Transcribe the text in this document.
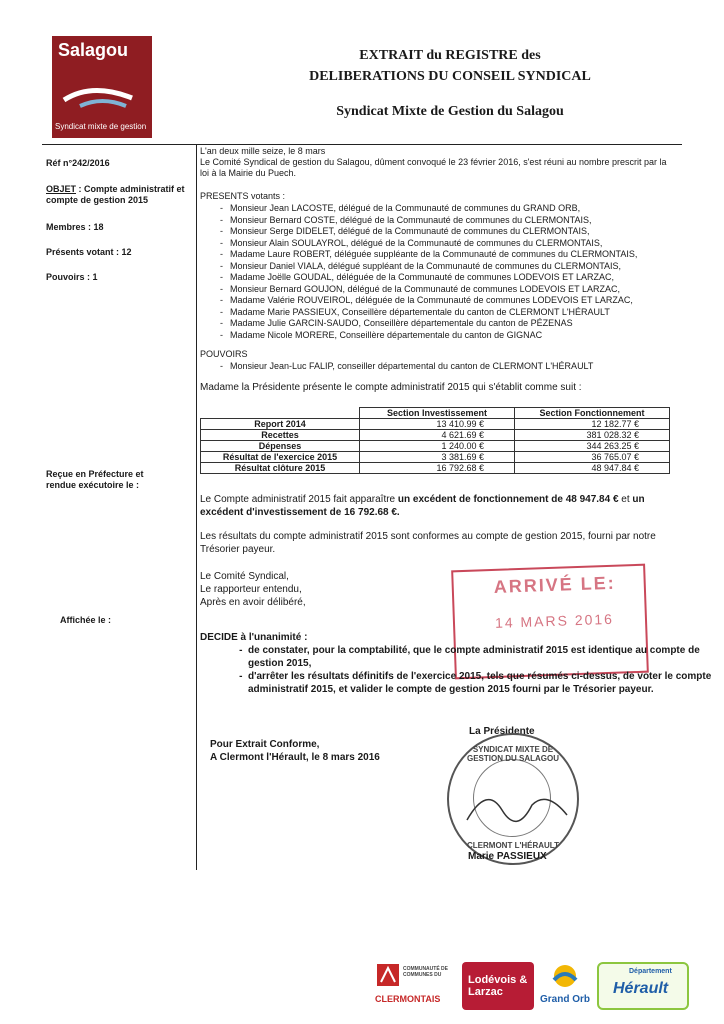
Salagou
Syndicat mixte de gestion
EXTRAIT du REGISTRE des
DELIBERATIONS DU CONSEIL SYNDICAL
Syndicat Mixte de Gestion du Salagou
Réf n°242/2016
OBJET : Compte administratif et compte de gestion 2015
Membres : 18
Présents votant : 12
Pouvoirs : 1
Reçue en Préfecture et rendue exécutoire le :
Affichée le :
L'an deux mille seize, le 8 mars
Le Comité Syndical de gestion du Salagou, dûment convoqué le 23 février 2016, s'est réuni au nombre prescrit par la loi à la Mairie du Puech.
PRESENTS votants :
- Monsieur Jean LACOSTE, délégué de la Communauté de communes du GRAND ORB,
- Monsieur Bernard COSTE, délégué de la Communauté de communes du CLERMONTAIS,
- Monsieur Serge DIDELET, délégué de la Communauté de communes du CLERMONTAIS,
- Monsieur Alain SOULAYROL, délégué de la Communauté de communes du CLERMONTAIS,
- Madame Laure ROBERT, déléguée suppléante de la Communauté de communes du CLERMONTAIS,
- Monsieur Daniel VIALA, délégué suppléant de la Communauté de communes du CLERMONTAIS,
- Madame Joëlle GOUDAL, déléguée de la Communauté de communes LODEVOIS ET LARZAC,
- Monsieur Bernard GOUJON, délégué de la Communauté de communes LODEVOIS ET LARZAC,
- Madame Valérie ROUVEIROL, déléguée de la Communauté de communes LODEVOIS ET LARZAC,
- Madame Marie PASSIEUX, Conseillère départementale du canton de CLERMONT L'HÉRAULT
- Madame Julie GARCIN-SAUDO, Conseillère départementale du canton de PÉZENAS
- Madame Nicole MORERE, Conseillère départementale du canton de GIGNAC
POUVOIRS
- Monsieur Jean-Luc FALIP, conseiller départemental du canton de CLERMONT L'HÉRAULT
Madame la Présidente présente le compte administratif 2015 qui s'établit comme suit :
	Section Investissement	Section Fonctionnement
Report 2014	13 410.99 €	12 182.77 €
Recettes	4 621.69 €	381 028.32 €
Dépenses	1 240.00 €	344 263.25 €
Résultat de l'exercice 2015	3 381.69 €	36 765.07 €
Résultat clôture 2015	16 792.68 €	48 947.84 €
Le Compte administratif 2015 fait apparaître un excédent de fonctionnement de 48 947.84 € et un excédent d'investissement de 16 792.68 €.
Les résultats du compte administratif 2015 sont conformes au compte de gestion 2015, fourni par notre Trésorier payeur.
Le Comité Syndical,
Le rapporteur entendu,
Après en avoir délibéré,
ARRIVÉ LE:
14 MARS 2016
DECIDE à l'unanimité :
- de constater, pour la comptabilité, que le compte administratif 2015 est identique au compte de gestion 2015,
- d'arrêter les résultats définitifs de l'exercice 2015, tels que résumés ci-dessus, de voter le compte administratif 2015, et valider le compte de gestion 2015 fourni par le Trésorier payeur.
La Présidente
Pour Extrait Conforme,
A Clermont l'Hérault, le 8 mars 2016
SYNDICAT MIXTE DE GESTION DU SALAGOU
CLERMONT L'HÉRAULT
Marie PASSIEUX
COMMUNAUTÉ DE COMMUNES DU
CLERMONTAIS
Lodévois & Larzac
Grand Orb
Département
Hérault
